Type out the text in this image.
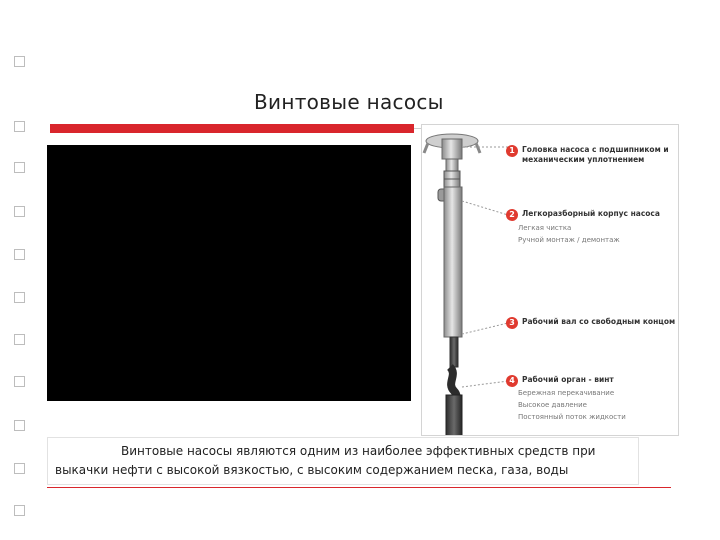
Винтовые насосы
1 Головка насоса с подшипником и механическим уплотнением
2 Легкоразборный корпус насоса
Легкая чистка
Ручной монтаж / демонтаж
3 Рабочий вал со свободным концом
4 Рабочий орган - винт
Бережная перекачивание
Высокое давление
Постоянный поток жидкости
Винтовые насосы являются одним из наиболее эффективных средств при выкачки нефти с высокой вязкостью, с высоким содержанием песка, газа, воды
